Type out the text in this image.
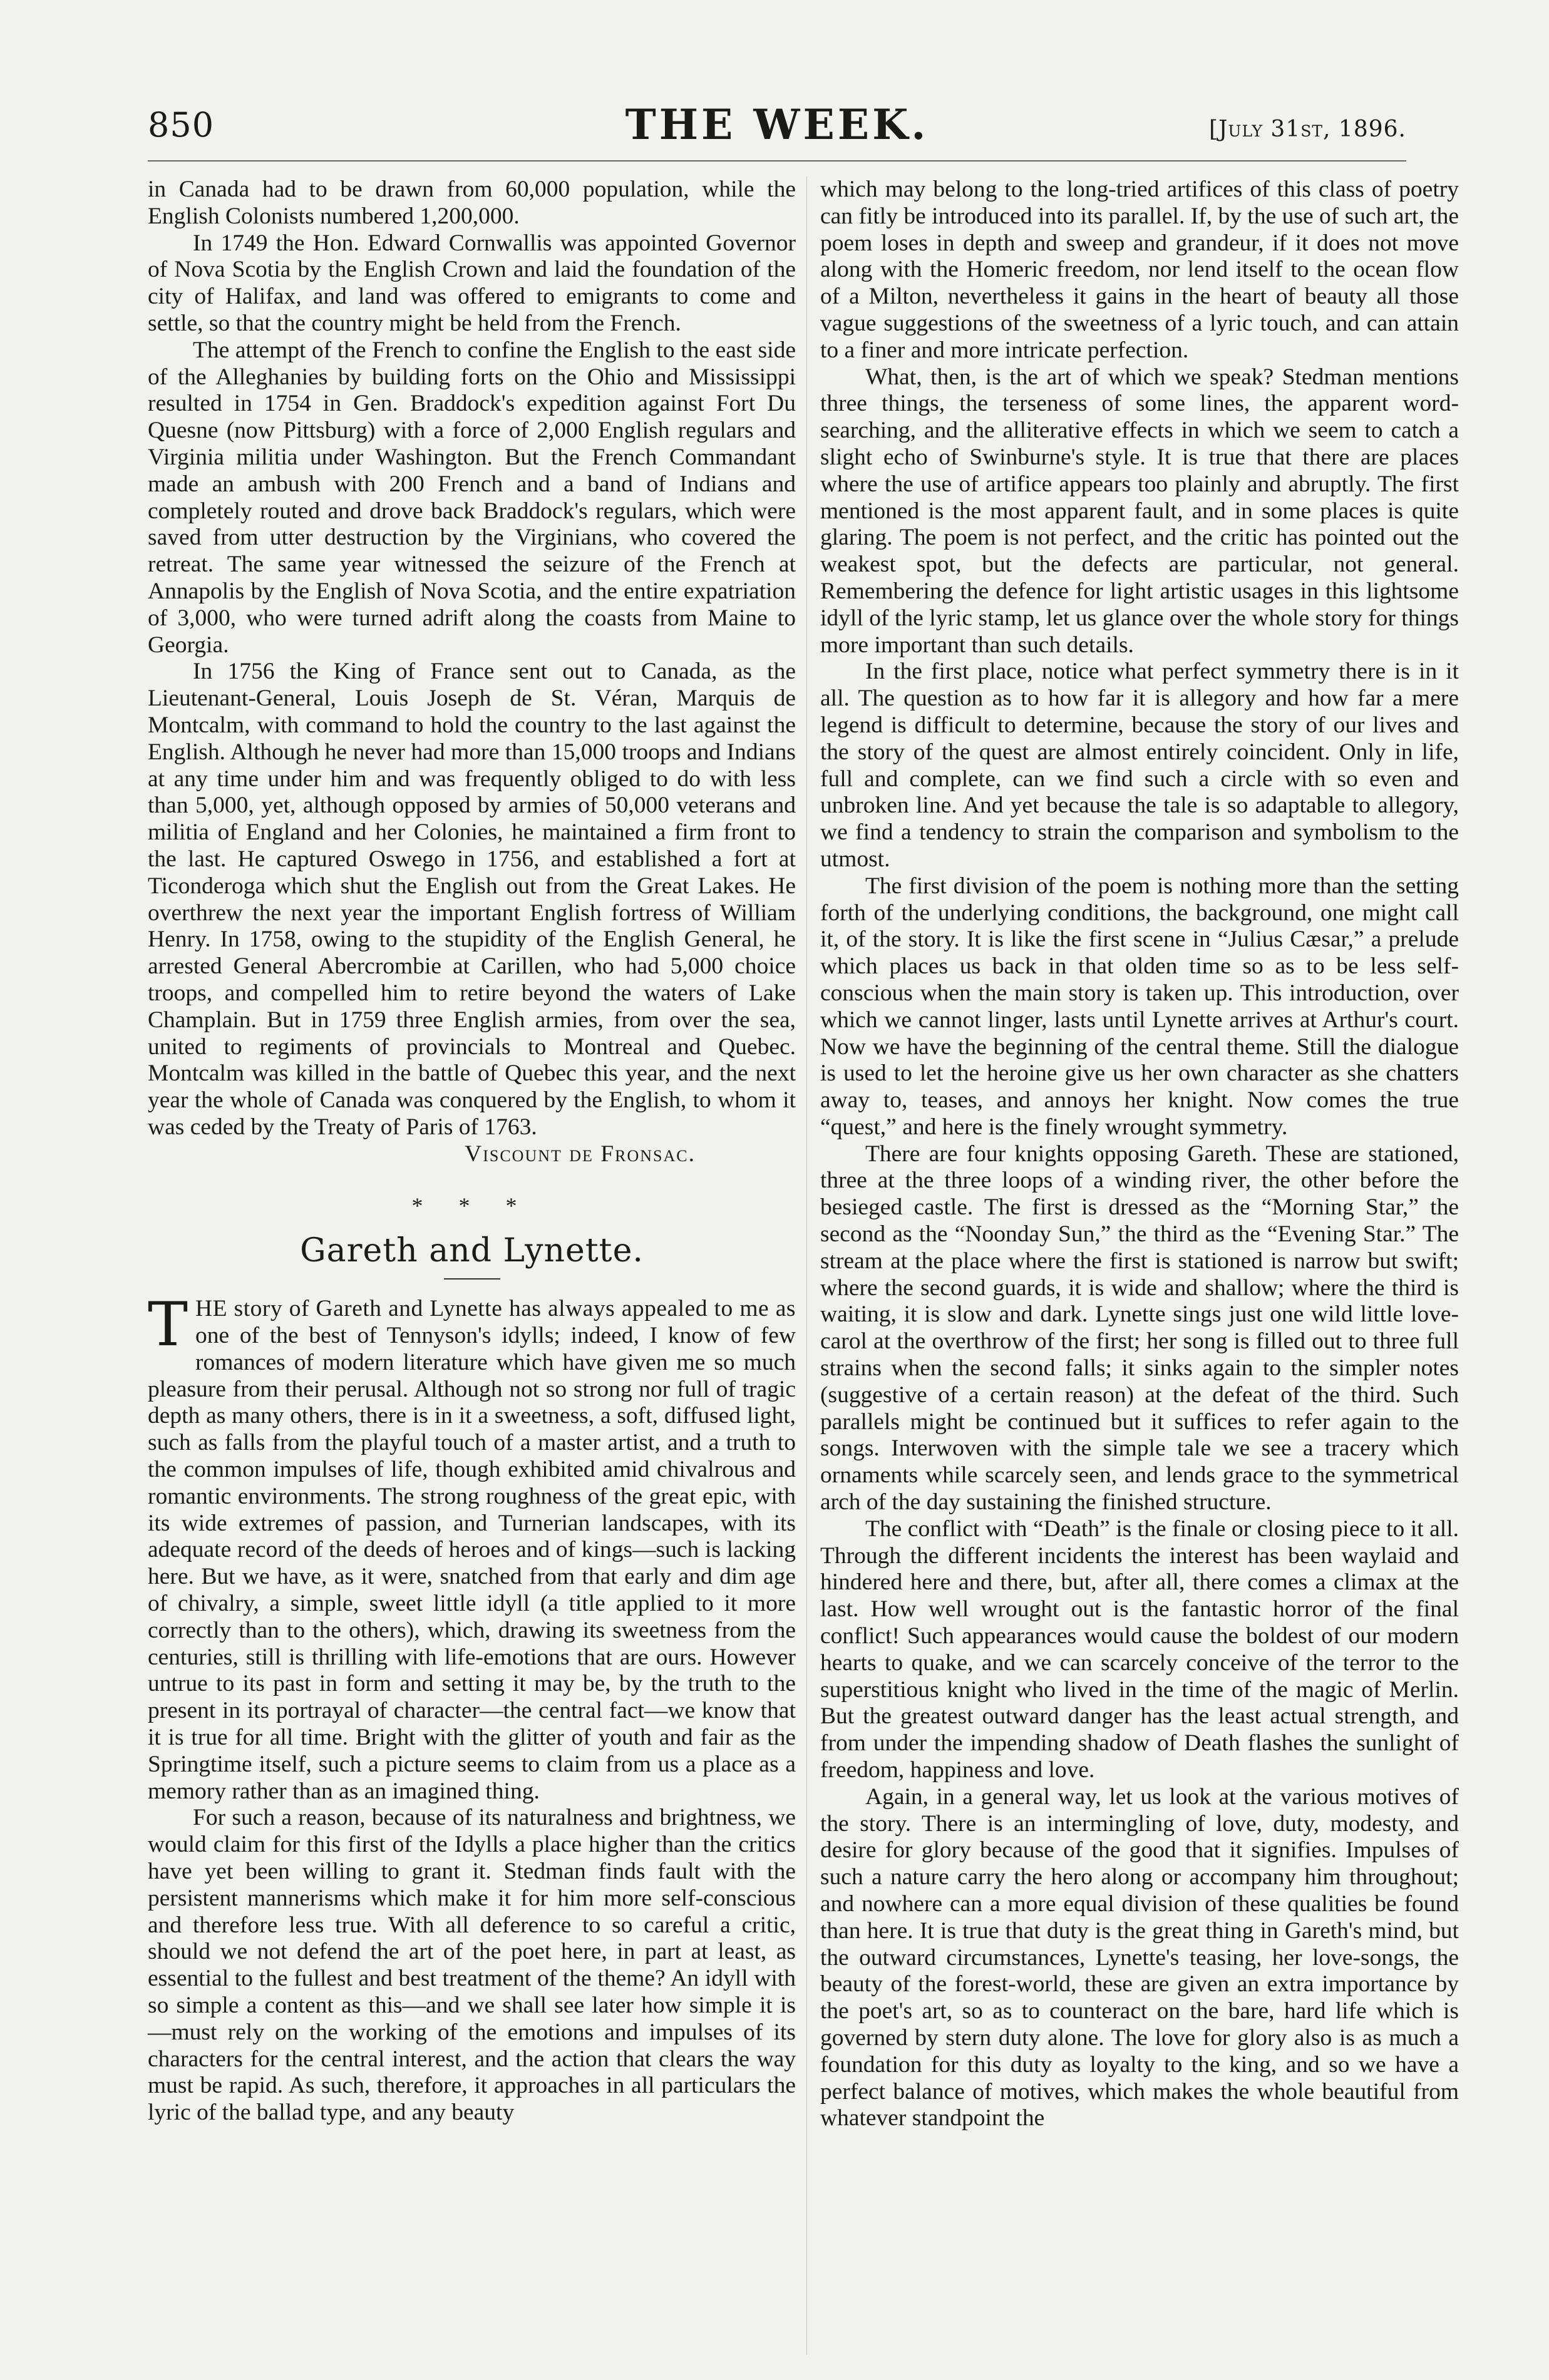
850	THE WEEK.	[July 31st, 1896.

in Canada had to be drawn from 60,000 population, while the English Colonists numbered 1,200,000.

In 1749 the Hon. Edward Cornwallis was appointed Governor of Nova Scotia by the English Crown and laid the foundation of the city of Halifax, and land was offered to emigrants to come and settle, so that the country might be held from the French.

The attempt of the French to confine the English to the east side of the Alleghanies by building forts on the Ohio and Mississippi resulted in 1754 in Gen. Braddock's expedition against Fort Du Quesne (now Pittsburg) with a force of 2,000 English regulars and Virginia militia under Washington. But the French Commandant made an ambush with 200 French and a band of Indians and completely routed and drove back Braddock's regulars, which were saved from utter destruction by the Virginians, who covered the retreat. The same year witnessed the seizure of the French at Annapolis by the English of Nova Scotia, and the entire expatriation of 3,000, who were turned adrift along the coasts from Maine to Georgia.

In 1756 the King of France sent out to Canada, as the Lieutenant-General, Louis Joseph de St. Véran, Marquis de Montcalm, with command to hold the country to the last against the English. Although he never had more than 15,000 troops and Indians at any time under him and was frequently obliged to do with less than 5,000, yet, although opposed by armies of 50,000 veterans and militia of England and her Colonies, he maintained a firm front to the last. He captured Oswego in 1756, and established a fort at Ticonderoga which shut the English out from the Great Lakes. He overthrew the next year the important English fortress of William Henry. In 1758, owing to the stupidity of the English General, he arrested General Abercrombie at Carillen, who had 5,000 choice troops, and compelled him to retire beyond the waters of Lake Champlain. But in 1759 three English armies, from over the sea, united to regiments of provincials to Montreal and Quebec. Montcalm was killed in the battle of Quebec this year, and the next year the whole of Canada was conquered by the English, to whom it was ceded by the Treaty of Paris of 1763.

Viscount de Fronsac.

* * *
Gareth and Lynette.

THE story of Gareth and Lynette has always appealed to me as one of the best of Tennyson's idylls; indeed, I know of few romances of modern literature which have given me so much pleasure from their perusal. Although not so strong nor full of tragic depth as many others, there is in it a sweetness, a soft, diffused light, such as falls from the playful touch of a master artist, and a truth to the common impulses of life, though exhibited amid chivalrous and romantic environments. The strong roughness of the great epic, with its wide extremes of passion, and Turnerian landscapes, with its adequate record of the deeds of heroes and of kings—such is lacking here. But we have, as it were, snatched from that early and dim age of chivalry, a simple, sweet little idyll (a title applied to it more correctly than to the others), which, drawing its sweetness from the centuries, still is thrilling with life-emotions that are ours. However untrue to its past in form and setting it may be, by the truth to the present in its portrayal of character—the central fact—we know that it is true for all time. Bright with the glitter of youth and fair as the Springtime itself, such a picture seems to claim from us a place as a memory rather than as an imagined thing.

For such a reason, because of its naturalness and brightness, we would claim for this first of the Idylls a place higher than the critics have yet been willing to grant it. Stedman finds fault with the persistent mannerisms which make it for him more self-conscious and therefore less true. With all deference to so careful a critic, should we not defend the art of the poet here, in part at least, as essential to the fullest and best treatment of the theme? An idyll with so simple a content as this—and we shall see later how simple it is—must rely on the working of the emotions and impulses of its characters for the central interest, and the action that clears the way must be rapid. As such, therefore, it approaches in all particulars the lyric of the ballad type, and any beauty

which may belong to the long-tried artifices of this class of poetry can fitly be introduced into its parallel. If, by the use of such art, the poem loses in depth and sweep and grandeur, if it does not move along with the Homeric freedom, nor lend itself to the ocean flow of a Milton, nevertheless it gains in the heart of beauty all those vague suggestions of the sweetness of a lyric touch, and can attain to a finer and more intricate perfection.

What, then, is the art of which we speak? Stedman mentions three things, the terseness of some lines, the apparent word-searching, and the alliterative effects in which we seem to catch a slight echo of Swinburne's style. It is true that there are places where the use of artifice appears too plainly and abruptly. The first mentioned is the most apparent fault, and in some places is quite glaring. The poem is not perfect, and the critic has pointed out the weakest spot, but the defects are particular, not general. Remembering the defence for light artistic usages in this lightsome idyll of the lyric stamp, let us glance over the whole story for things more important than such details.

In the first place, notice what perfect symmetry there is in it all. The question as to how far it is allegory and how far a mere legend is difficult to determine, because the story of our lives and the story of the quest are almost entirely coincident. Only in life, full and complete, can we find such a circle with so even and unbroken line. And yet because the tale is so adaptable to allegory, we find a tendency to strain the comparison and symbolism to the utmost.

The first division of the poem is nothing more than the setting forth of the underlying conditions, the background, one might call it, of the story. It is like the first scene in “Julius Cæsar,” a prelude which places us back in that olden time so as to be less self-conscious when the main story is taken up. This introduction, over which we cannot linger, lasts until Lynette arrives at Arthur's court. Now we have the beginning of the central theme. Still the dialogue is used to let the heroine give us her own character as she chatters away to, teases, and annoys her knight. Now comes the true “quest,” and here is the finely wrought symmetry.

There are four knights opposing Gareth. These are stationed, three at the three loops of a winding river, the other before the besieged castle. The first is dressed as the “Morning Star,” the second as the “Noonday Sun,” the third as the “Evening Star.” The stream at the place where the first is stationed is narrow but swift; where the second guards, it is wide and shallow; where the third is waiting, it is slow and dark. Lynette sings just one wild little love-carol at the overthrow of the first; her song is filled out to three full strains when the second falls; it sinks again to the simpler notes (suggestive of a certain reason) at the defeat of the third. Such parallels might be continued but it suffices to refer again to the songs. Interwoven with the simple tale we see a tracery which ornaments while scarcely seen, and lends grace to the symmetrical arch of the day sustaining the finished structure.

The conflict with “Death” is the finale or closing piece to it all. Through the different incidents the interest has been waylaid and hindered here and there, but, after all, there comes a climax at the last. How well wrought out is the fantastic horror of the final conflict! Such appearances would cause the boldest of our modern hearts to quake, and we can scarcely conceive of the terror to the superstitious knight who lived in the time of the magic of Merlin. But the greatest outward danger has the least actual strength, and from under the impending shadow of Death flashes the sunlight of freedom, happiness and love.

Again, in a general way, let us look at the various motives of the story. There is an intermingling of love, duty, modesty, and desire for glory because of the good that it signifies. Impulses of such a nature carry the hero along or accompany him throughout; and nowhere can a more equal division of these qualities be found than here. It is true that duty is the great thing in Gareth's mind, but the outward circumstances, Lynette's teasing, her love-songs, the beauty of the forest-world, these are given an extra importance by the poet's art, so as to counteract on the bare, hard life which is governed by stern duty alone. The love for glory also is as much a foundation for this duty as loyalty to the king, and so we have a perfect balance of motives, which makes the whole beautiful from whatever standpoint the
